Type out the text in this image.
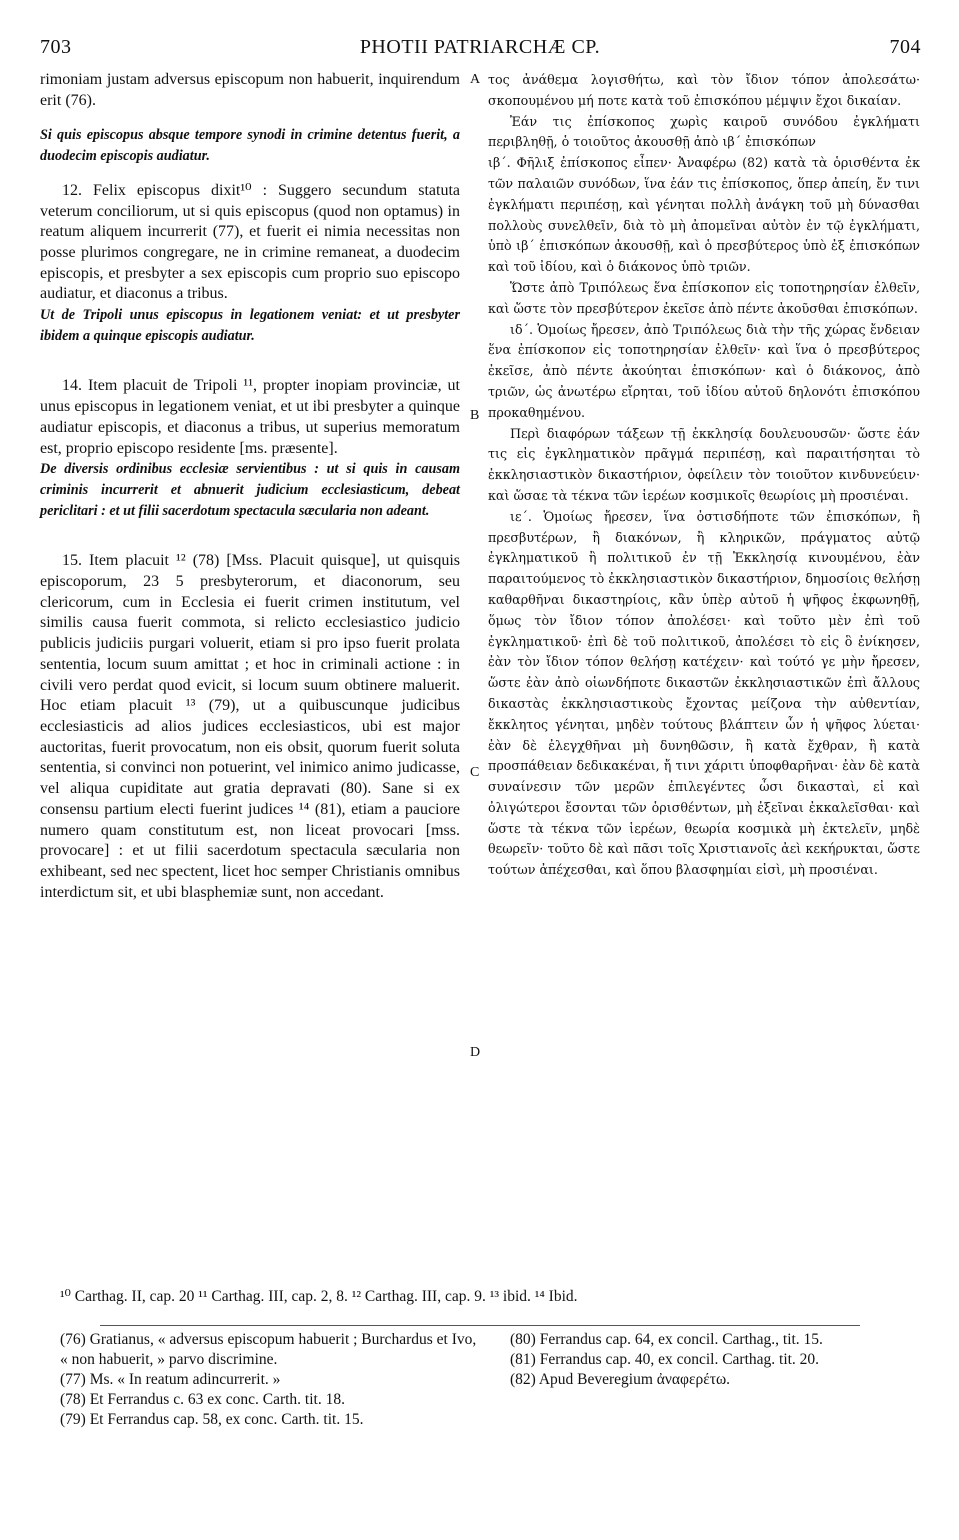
703	PHOTII PATRIARCHÆ CP.	704

rimoniam justam adversus episcopum non habuerit, inquirendum erit (76).

Si quis episcopus absque tempore synodi in crimine detentus fuerit, a duodecim episcopis audiatur.

12. Felix episcopus dixit¹⁰ : Suggero secundum statuta veterum conciliorum, ut si quis episcopus (quod non optamus) in reatum aliquem incurrerit (77), et fuerit ei nimia necessitas non posse plurimos congregare, ne in crimine remaneat, a duodecim episcopis, et presbyter a sex episcopis cum proprio suo episcopo audiatur, et diaconus a tribus.

Ut de Tripoli unus episcopus in legationem veniat: et ut presbyter ibidem a quinque episcopis audiatur.

14. Item placuit de Tripoli ¹¹, propter inopiam provinciæ, ut unus episcopus in legationem veniat, et ut ibi presbyter a quinque audiatur episcopis, et diaconus a tribus, ut superius memoratum est, proprio episcopo residente [ms. præsente].

De diversis ordinibus ecclesiæ servientibus : ut si quis in causam criminis incurrerit et abnuerit judicium ecclesiasticum, debeat periclitari : et ut filii sacerdotum spectacula sæcularia non adeant.

15. Item placuit ¹² (78) [Mss. Placuit quisque], ut quisquis episcoporum, 23 5 presbyterorum, et diaconorum, seu clericorum, cum in Ecclesia ei fuerit crimen institutum, vel similis causa fuerit commota, si relicto ecclesiastico judicio publicis judiciis purgari voluerit, etiam si pro ipso fuerit prolata sententia, locum suum amittat ; et hoc in criminali actione : in civili vero perdat quod evicit, si locum suum obtinere maluerit. Hoc etiam placuit ¹³ (79), ut a quibuscunque judicibus ecclesiasticis ad alios judices ecclesiasticos, ubi est major auctoritas, fuerit provocatum, non eis obsit, quorum fuerit soluta sententia, si convinci non potuerint, vel inimico animo judicasse, vel aliqua cupiditate aut gratia depravati (80). Sane si ex consensu partium electi fuerint judices ¹⁴ (81), etiam a pauciore numero quam constitutum est, non liceat provocari [mss. provocare] : et ut filii sacerdotum spectacula sæcularia non exhibeant, sed nec spectent, licet hoc semper Christianis omnibus interdictum sit, et ubi blasphemiæ sunt, non accedant.

τος ἀνάθεμα λογισθήτω, καὶ τὸν ἴδιον τόπον ἀπολεσάτω· σκοπουμένου μή ποτε κατὰ τοῦ ἐπισκόπου μέμψιν ἔχοι δικαίαν.

Ἐάν τις ἐπίσκοπος χωρὶς καιροῦ συνόδου ἐγκλήματι περιβληθῇ, ὁ τοιοῦτος ἀκουσθῇ ἀπὸ ιβ΄ ἐπισκόπων

ιβ΄. Φῆλιξ ἐπίσκοπος εἶπεν· Ἀναφέρω (82) κατὰ τὰ ὁρισθέντα ἐκ τῶν παλαιῶν συνόδων, ἵνα ἐάν τις ἐπίσκοπος, ὅπερ ἀπείη, ἔν τινι ἐγκλήματι περιπέσῃ, καὶ γένηται πολλὴ ἀνάγκη τοῦ μὴ δύνασθαι πολλοὺς συνελθεῖν, διὰ τὸ μὴ ἀπομεῖναι αὐτὸν ἐν τῷ ἐγκλήματι, ὑπὸ ιβ΄ ἐπισκόπων ἀκουσθῇ, καὶ ὁ πρεσβύτερος ὑπὸ ἐξ ἐπισκόπων καὶ τοῦ ἰδίου, καὶ ὁ διάκονος ὑπὸ τριῶν.

Ὥστε ἀπὸ Τριπόλεως ἕνα ἐπίσκοπον εἰς τοποτηρησίαν ἐλθεῖν, καὶ ὥστε τὸν πρεσβύτερον ἐκεῖσε ἀπὸ πέντε ἀκοῦσθαι ἐπισκόπων.

ιδ΄. Ὁμοίως ἤρεσεν, ἀπὸ Τριπόλεως διὰ τὴν τῆς χώρας ἔνδειαν ἕνα ἐπίσκοπον εἰς τοποτηρησίαν ἐλθεῖν· καὶ ἵνα ὁ πρεσβύτερος ἐκεῖσε, ἀπὸ πέντε ἀκούηται ἐπισκόπων· καὶ ὁ διάκονος, ἀπὸ τριῶν, ὡς ἀνωτέρω εἴρηται, τοῦ ἰδίου αὐτοῦ δηλονότι ἐπισκόπου προκαθημένου.

Περὶ διαφόρων τάξεων τῇ ἐκκλησίᾳ δουλευουσῶν· ὥστε ἐάν τις εἰς ἐγκληματικὸν πρᾶγμά περιπέσῃ, καὶ παραιτήσηται τὸ ἐκκλησιαστικὸν δικαστήριον, ὀφείλειν τὸν τοιοῦτον κινδυνεύειν· καὶ ὥσαε τὰ τέκνα τῶν ἱερέων κοσμικοῖς θεωρίοις μὴ προσιέναι.

ιε΄. Ὁμοίως ἤρεσεν, ἵνα ὀστισδήποτε τῶν ἐπισκόπων, ἢ πρεσβυτέρων, ἢ διακόνων, ἢ κληρικῶν, πράγματος αὐτῷ ἐγκληματικοῦ ἢ πολιτικοῦ ἐν τῇ Ἐκκλησίᾳ κινουμένου, ἐὰν παραιτούμενος τὸ ἐκκλησιαστικὸν δικαστήριον, δημοσίοις θελήσῃ καθαρθῆναι δικαστηρίοις, κἂν ὑπὲρ αὐτοῦ ἡ ψῆφος ἐκφωνηθῇ, ὅμως τὸν ἴδιον τόπον ἀπολέσει· καὶ τοῦτο μὲν ἐπὶ τοῦ ἐγκληματικοῦ· ἐπὶ δὲ τοῦ πολιτικοῦ, ἀπολέσει τὸ εἰς ὃ ἐνίκησεν, ἐὰν τὸν ἴδιον τόπον θελήσῃ κατέχειν· καὶ τούτό γε μὴν ἤρεσεν, ὥστε ἐὰν ἀπὸ οἱωνδήποτε δικαστῶν ἐκκλησιαστικῶν ἐπὶ ἄλλους δικαστὰς ἐκκλησιαστικοὺς ἔχοντας μείζονα τὴν αὐθεντίαν, ἔκκλητος γένηται, μηδὲν τούτους βλάπτειν ὧν ἡ ψῆφος λύεται· ἐὰν δὲ ἐλεγχθῆναι μὴ δυνηθῶσιν, ἢ κατὰ ἔχθραν, ἢ κατὰ προσπάθειαν δεδικακέναι, ἤ τινι χάριτι ὑποφθαρῆναι· ἐὰν δὲ κατὰ συναίνεσιν τῶν μερῶν ἐπιλεγέντες ὦσι δικασταὶ, εἰ καὶ ὀλιγώτεροι ἔσονται τῶν ὁρισθέντων, μὴ ἐξεῖναι ἐκκαλεῖσθαι· καὶ ὥστε τὰ τέκνα τῶν ἱερέων, θεωρία κοσμικὰ μὴ ἐκτελεῖν, μηδὲ θεωρεῖν· τοῦτο δὲ καὶ πᾶσι τοῖς Χριστιανοῖς ἀεὶ κεκήρυκται, ὥστε τούτων ἀπέχεσθαι, καὶ ὅπου βλασφημίαι εἰσὶ, μὴ προσιέναι.

A
B
C
D
¹⁰ Carthag. II, cap. 20 ¹¹ Carthag. III, cap. 2, 8. ¹² Carthag. III, cap. 9. ¹³ ibid. ¹⁴ Ibid.

(76) Gratianus, « adversus episcopum habuerit ; Burchardus et Ivo, « non habuerit, » parvo discrimine.

(77) Ms. « In reatum adincurrerit. »

(78) Et Ferrandus c. 63 ex conc. Carth. tit. 18.

(79) Et Ferrandus cap. 58, ex conc. Carth. tit. 15.

(80) Ferrandus cap. 64, ex concil. Carthag., tit. 15.

(81) Ferrandus cap. 40, ex concil. Carthag. tit. 20.

(82) Apud Beveregium ἀναφερέτω.
